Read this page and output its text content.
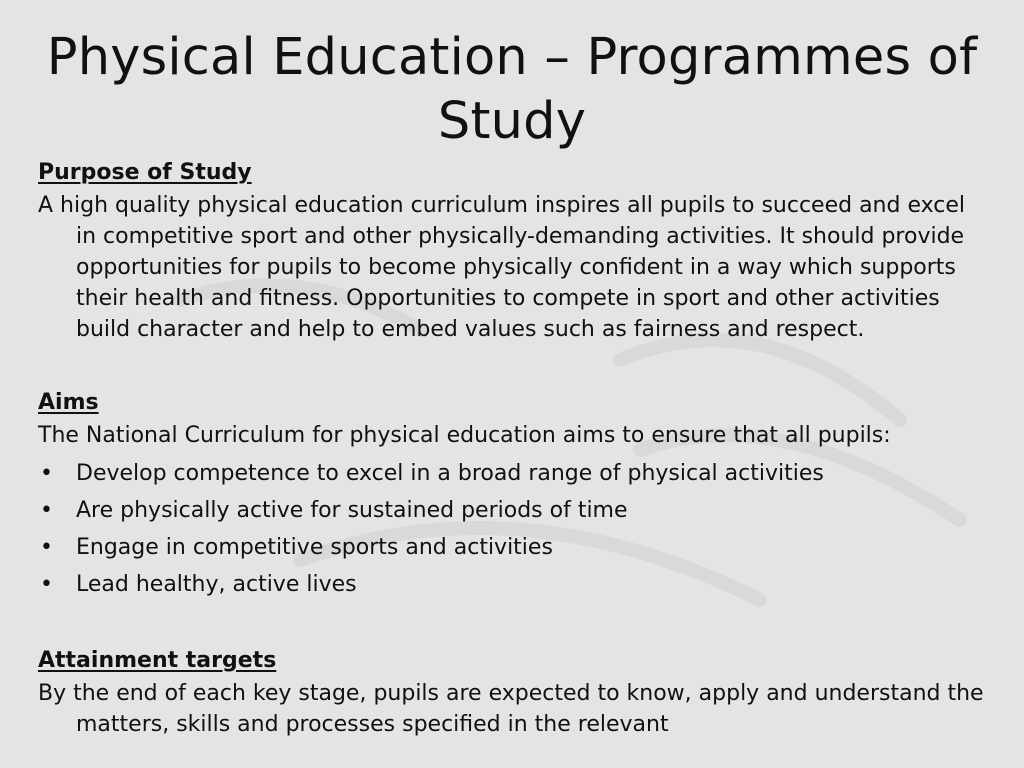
Physical Education – Programmes of Study
Purpose of Study

A high quality physical education curriculum inspires all pupils to succeed and excel in competitive sport and other physically-demanding activities. It should provide opportunities for pupils to become physically confident in a way which supports their health and fitness. Opportunities to compete in sport and other activities build character and help to embed values such as fairness and respect.

Aims

The National Curriculum for physical education aims to ensure that all pupils:

• Develop competence to excel in a broad range of physical activities
• Are physically active for sustained periods of time
• Engage in competitive sports and activities
• Lead healthy, active lives
Attainment targets

By the end of each key stage, pupils are expected to know, apply and understand the matters, skills and processes specified in the relevant
